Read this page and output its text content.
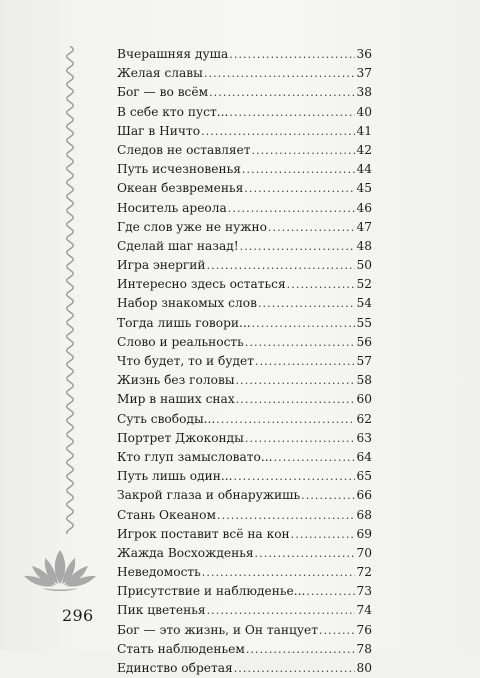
296
Вчерашняя душа .....	36
Желая славы .....	37
Бог — во всём .....	38
В себе кто пуст... .....	40
Шаг в Ничто .....	41
Следов не оставляет .....	42
Путь исчезновенья .....	44
Океан безвременья .....	45
Носитель ареола .....	46
Где слов уже не нужно .....	47
Сделай шаг назад! .....	48
Игра энергий .....	50
Интересно здесь остаться .....	52
Набор знакомых слов .....	54
Тогда лишь говори... .....	55
Слово и реальность .....	56
Что будет, то и будет .....	57
Жизнь без головы .....	58
Мир в наших снах .....	60
Суть свободы... .....	62
Портрет Джоконды .....	63
Кто глуп замысловато... .....	64
Путь лишь один... .....	65
Закрой глаза и обнаружишь .....	66
Стань Океаном .....	68
Игрок поставит всё на кон .....	69
Жажда Восхожденья .....	70
Неведомость .....	72
Присутствие и наблюденье... .....	73
Пик цветенья .....	74
Бог — это жизнь, и Он танцует .....	76
Стать наблюденьем .....	78
Единство обретая .....	80
